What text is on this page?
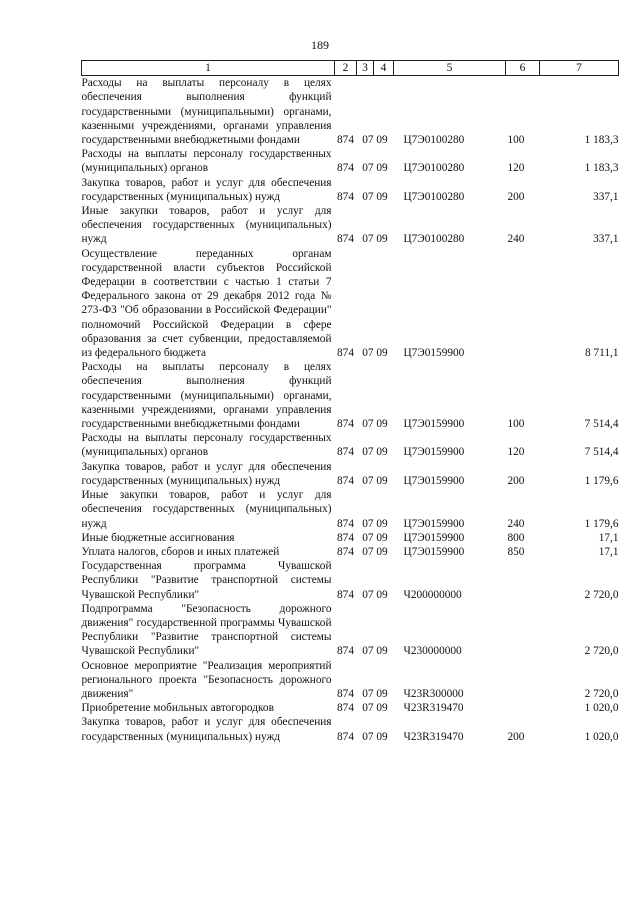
189
1	2	3	4	5	6	7
Расходы на выплаты персоналу в целях обеспечения выполнения функций государственными (муниципальными) органами, казенными учреждениями, органами управления государственными внебюджетными фондами	874	07 09		Ц7Э0100280	100	1 183,3
Расходы на выплаты персоналу государственных (муниципальных) органов	874	07 09		Ц7Э0100280	120	1 183,3
Закупка товаров, работ и услуг для обеспечения государственных (муниципальных) нужд	874	07 09		Ц7Э0100280	200	337,1
Иные закупки товаров, работ и услуг для обеспечения государственных (муниципальных) нужд	874	07 09		Ц7Э0100280	240	337,1
Осуществление переданных органам государственной власти субъектов Российской Федерации в соответствии с частью 1 статьи 7 Федерального закона от 29 декабря 2012 года № 273-ФЗ "Об образовании в Российской Федерации" полномочий Российской Федерации в сфере образования за счет субвенции, предоставляемой из федерального бюджета	874	07 09		Ц7Э0159900		8 711,1
Расходы на выплаты персоналу в целях обеспечения выполнения функций государственными (муниципальными) органами, казенными учреждениями, органами управления государственными внебюджетными фондами	874	07 09		Ц7Э0159900	100	7 514,4
Расходы на выплаты персоналу государственных (муниципальных) органов	874	07 09		Ц7Э0159900	120	7 514,4
Закупка товаров, работ и услуг для обеспечения государственных (муниципальных) нужд	874	07 09		Ц7Э0159900	200	1 179,6
Иные закупки товаров, работ и услуг для обеспечения государственных (муниципальных) нужд	874	07 09		Ц7Э0159900	240	1 179,6
Иные бюджетные ассигнования	874	07 09		Ц7Э0159900	800	17,1
Уплата налогов, сборов и иных платежей	874	07 09		Ц7Э0159900	850	17,1
Государственная программа Чувашской Республики "Развитие транспортной системы Чувашской Республики"	874	07 09		Ч200000000		2 720,0
Подпрограмма "Безопасность дорожного движения" государственной программы Чувашской Республики "Развитие транспортной системы Чувашской Республики"	874	07 09		Ч230000000		2 720,0
Основное мероприятие "Реализация мероприятий регионального проекта "Безопасность дорожного движения"	874	07 09		Ч23R300000		2 720,0
Приобретение мобильных автогородков	874	07 09		Ч23R319470		1 020,0
Закупка товаров, работ и услуг для обеспечения государственных (муниципальных) нужд	874	07 09		Ч23R319470	200	1 020,0
